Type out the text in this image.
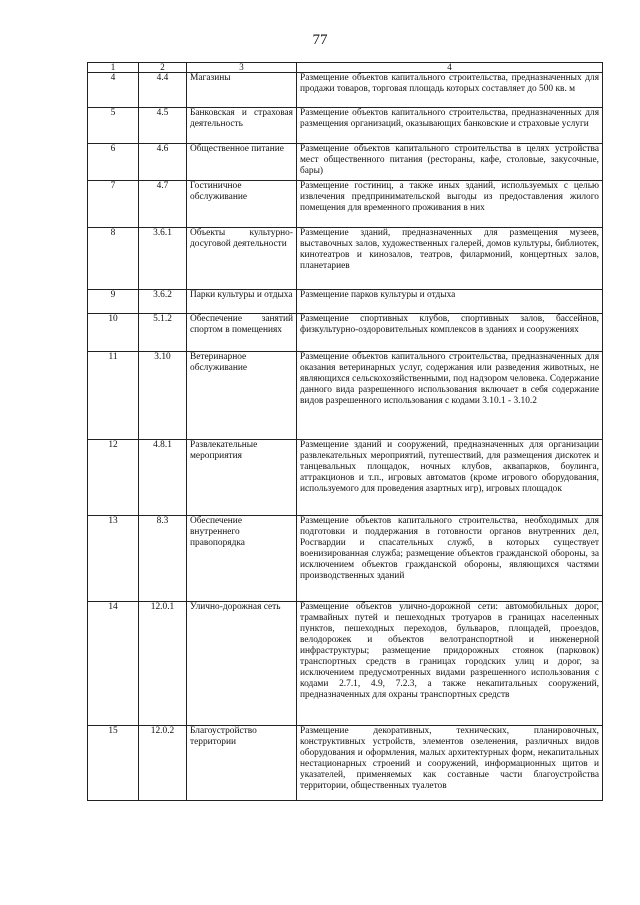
77
1	2	3	4
4	4.4	Магазины	Размещение объектов капитального строительства, предназначенных для продажи товаров, торговая площадь которых составляет до 500 кв. м
5	4.5	Банковская и страховая деятельность	Размещение объектов капитального строительства, предназначенных для размещения организаций, оказывающих банковские и страховые услуги
6	4.6	Общественное питание	Размещение объектов капитального строительства в целях устройства мест общественного питания (рестораны, кафе, столовые, закусочные, бары)
7	4.7	Гостиничное обслуживание	Размещение гостиниц, а также иных зданий, используемых с целью извлечения предпринимательской выгоды из предоставления жилого помещения для временного проживания в них
8	3.6.1	Объекты культурно-досуговой деятельности	Размещение зданий, предназначенных для размещения музеев, выставочных залов, художественных галерей, домов культуры, библиотек, кинотеатров и кинозалов, театров, филармоний, концертных залов, планетариев
9	3.6.2	Парки культуры и отдыха	Размещение парков культуры и отдыха
10	5.1.2	Обеспечение занятий спортом в помещениях	Размещение спортивных клубов, спортивных залов, бассейнов, физкультурно-оздоровительных комплексов в зданиях и сооружениях
11	3.10	Ветеринарное обслуживание	Размещение объектов капитального строительства, предназначенных для оказания ветеринарных услуг, содержания или разведения животных, не являющихся сельскохозяйственными, под надзором человека. Содержание данного вида разрешенного использования включает в себя содержание видов разрешенного использования с кодами 3.10.1 - 3.10.2
12	4.8.1	Развлекательные мероприятия	Размещение зданий и сооружений, предназначенных для организации развлекательных мероприятий, путешествий, для размещения дискотек и танцевальных площадок, ночных клубов, аквапарков, боулинга, аттракционов и т.п., игровых автоматов (кроме игрового оборудования, используемого для проведения азартных игр), игровых площадок
13	8.3	Обеспечение внутреннего правопорядка	Размещение объектов капитального строительства, необходимых для подготовки и поддержания в готовности органов внутренних дел, Росгвардии и спасательных служб, в которых существует военизированная служба; размещение объектов гражданской обороны, за исключением объектов гражданской обороны, являющихся частями производственных зданий
14	12.0.1	Улично-дорожная сеть	Размещение объектов улично-дорожной сети: автомобильных дорог, трамвайных путей и пешеходных тротуаров в границах населенных пунктов, пешеходных переходов, бульваров, площадей, проездов, велодорожек и объектов велотранспортной и инженерной инфраструктуры; размещение придорожных стоянок (парковок) транспортных средств в границах городских улиц и дорог, за исключением предусмотренных видами разрешенного использования с кодами 2.7.1, 4.9, 7.2.3, а также некапитальных сооружений, предназначенных для охраны транспортных средств
15	12.0.2	Благоустройство территории	Размещение декоративных, технических, планировочных, конструктивных устройств, элементов озеленения, различных видов оборудования и оформления, малых архитектурных форм, некапитальных нестационарных строений и сооружений, информационных щитов и указателей, применяемых как составные части благоустройства территории, общественных туалетов
